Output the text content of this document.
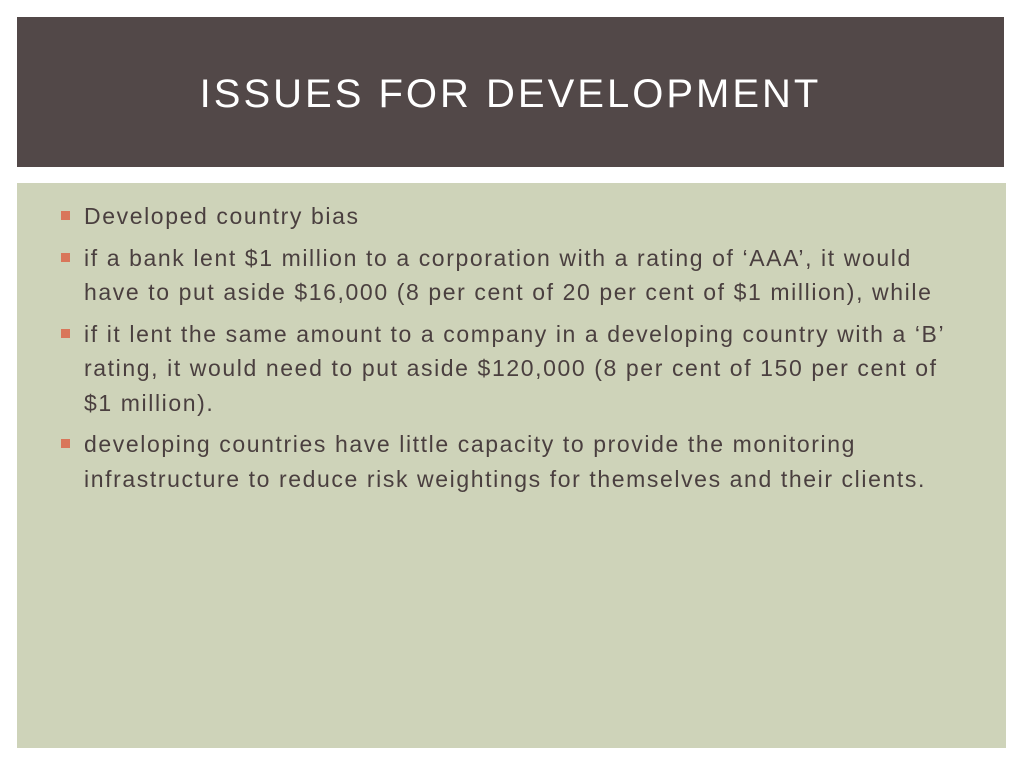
ISSUES FOR DEVELOPMENT
Developed country bias
if a bank lent $1 million to a corporation with a rating of ‘AAA’, it would have to put aside $16,000 (8 per cent of 20 per cent of $1 million), while
if it lent the same amount to a company in a developing country with a ‘B’ rating, it would need to put aside $120,000 (8 per cent of 150 per cent of $1 million).
developing countries have little capacity to provide the monitoring infrastructure to reduce risk weightings for themselves and their clients.
